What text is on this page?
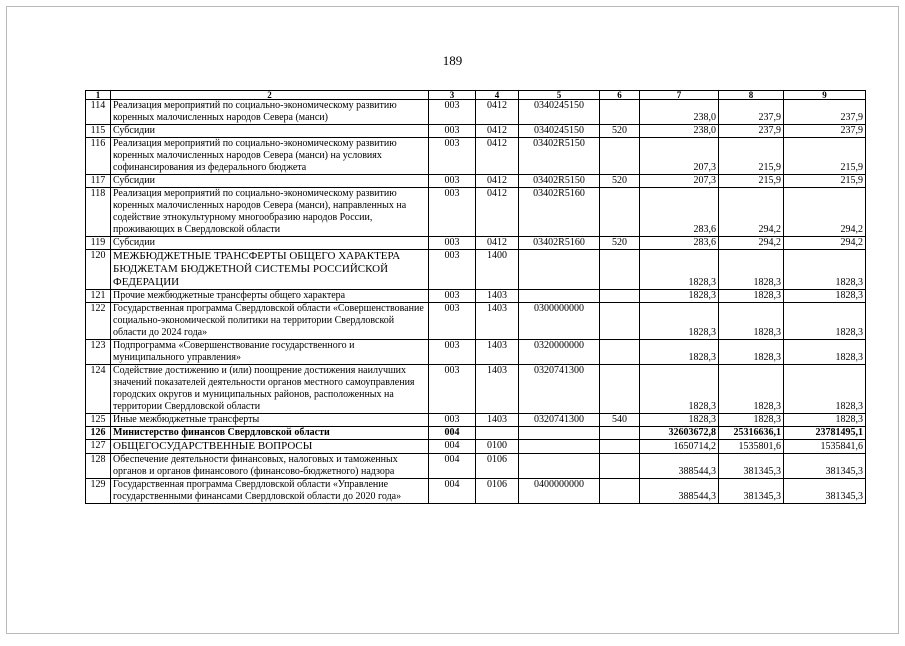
189
1	2	3	4	5	6	7	8	9
114	Реализация мероприятий по социально-экономическому развитию коренных малочисленных народов Севера (манси)	003	0412	0340245150		238,0	237,9	237,9
115	Субсидии	003	0412	0340245150	520	238,0	237,9	237,9
116	Реализация мероприятий по социально-экономическому развитию коренных малочисленных народов Севера (манси) на условиях софинансирования из федерального бюджета	003	0412	03402R5150		207,3	215,9	215,9
117	Субсидии	003	0412	03402R5150	520	207,3	215,9	215,9
118	Реализация мероприятий по социально-экономическому развитию коренных малочисленных народов Севера (манси), направленных на содействие этнокультурному многообразию народов России, проживающих в Свердловской области	003	0412	03402R5160		283,6	294,2	294,2
119	Субсидии	003	0412	03402R5160	520	283,6	294,2	294,2
120	МЕЖБЮДЖЕТНЫЕ ТРАНСФЕРТЫ ОБЩЕГО ХАРАКТЕРА БЮДЖЕТАМ БЮДЖЕТНОЙ СИСТЕМЫ РОССИЙСКОЙ ФЕДЕРАЦИИ	003	1400			1828,3	1828,3	1828,3
121	Прочие межбюджетные трансферты общего характера	003	1403			1828,3	1828,3	1828,3
122	Государственная программа Свердловской области «Совершенствование социально-экономической политики на территории Свердловской области до 2024 года»	003	1403	0300000000		1828,3	1828,3	1828,3
123	Подпрограмма «Совершенствование государственного и муниципального управления»	003	1403	0320000000		1828,3	1828,3	1828,3
124	Содействие достижению и (или) поощрение достижения наилучших значений показателей деятельности органов местного самоуправления городских округов и муниципальных районов, расположенных на территории Свердловской области	003	1403	0320741300		1828,3	1828,3	1828,3
125	Иные межбюджетные трансферты	003	1403	0320741300	540	1828,3	1828,3	1828,3
126	Министерство финансов Свердловской области	004				32603672,8	25316636,1	23781495,1
127	ОБЩЕГОСУДАРСТВЕННЫЕ ВОПРОСЫ	004	0100			1650714,2	1535801,6	1535841,6
128	Обеспечение деятельности финансовых, налоговых и таможенных органов и органов финансового (финансово-бюджетного) надзора	004	0106			388544,3	381345,3	381345,3
129	Государственная программа Свердловской области «Управление государственными финансами Свердловской области до 2020 года»	004	0106	0400000000		388544,3	381345,3	381345,3
